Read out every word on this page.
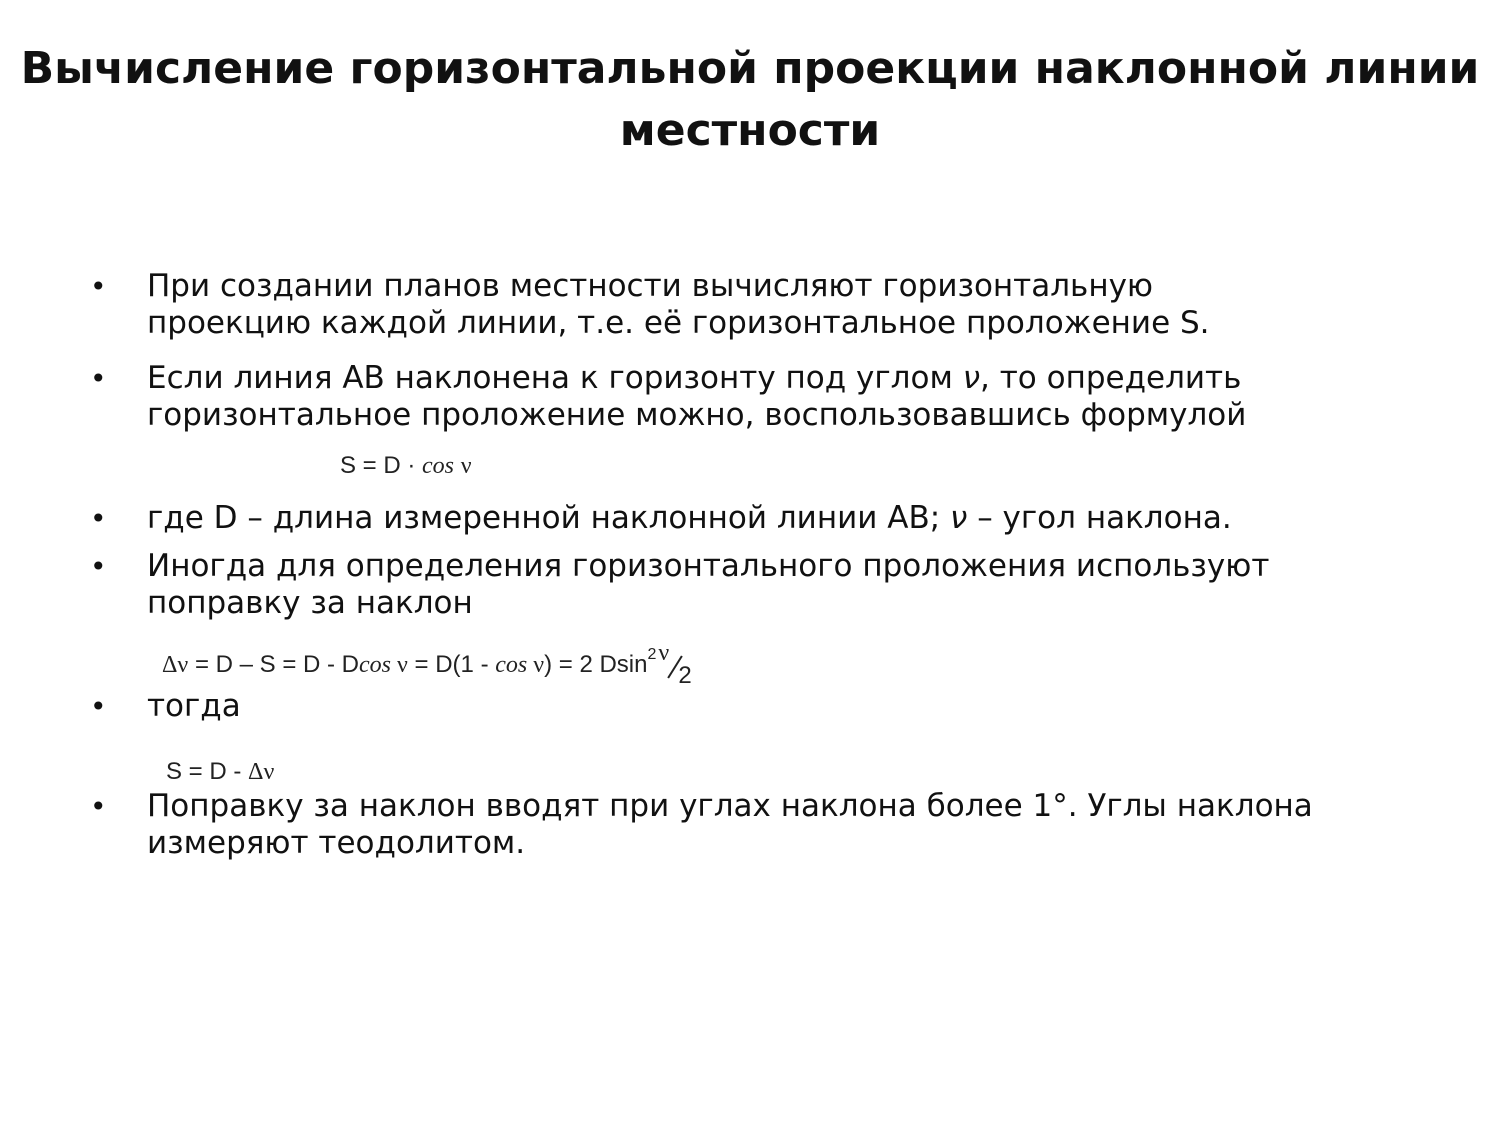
Вычисление горизонтальной проекции наклонной линии местности
• При создании планов местности вычисляют горизонтальную
проекцию каждой линии, т.е. её горизонтальное проложение S.
• Если линия АВ наклонена к горизонту под углом ν, то определить
горизонтальное проложение можно, воспользовавшись формулой
S = D · cos ν
• где D – длина измеренной наклонной линии АВ; ν – угол наклона.
• Иногда для определения горизонтального проложения используют
поправку за наклон
Δν = D – S = D - Dcos ν = D(1 - cos ν) = 2 Dsin$^2$ ν
2
• тогда
S = D - Δν
• Поправку за наклон вводят при углах наклона более 1°. Углы наклона
измеряют теодолитом.
